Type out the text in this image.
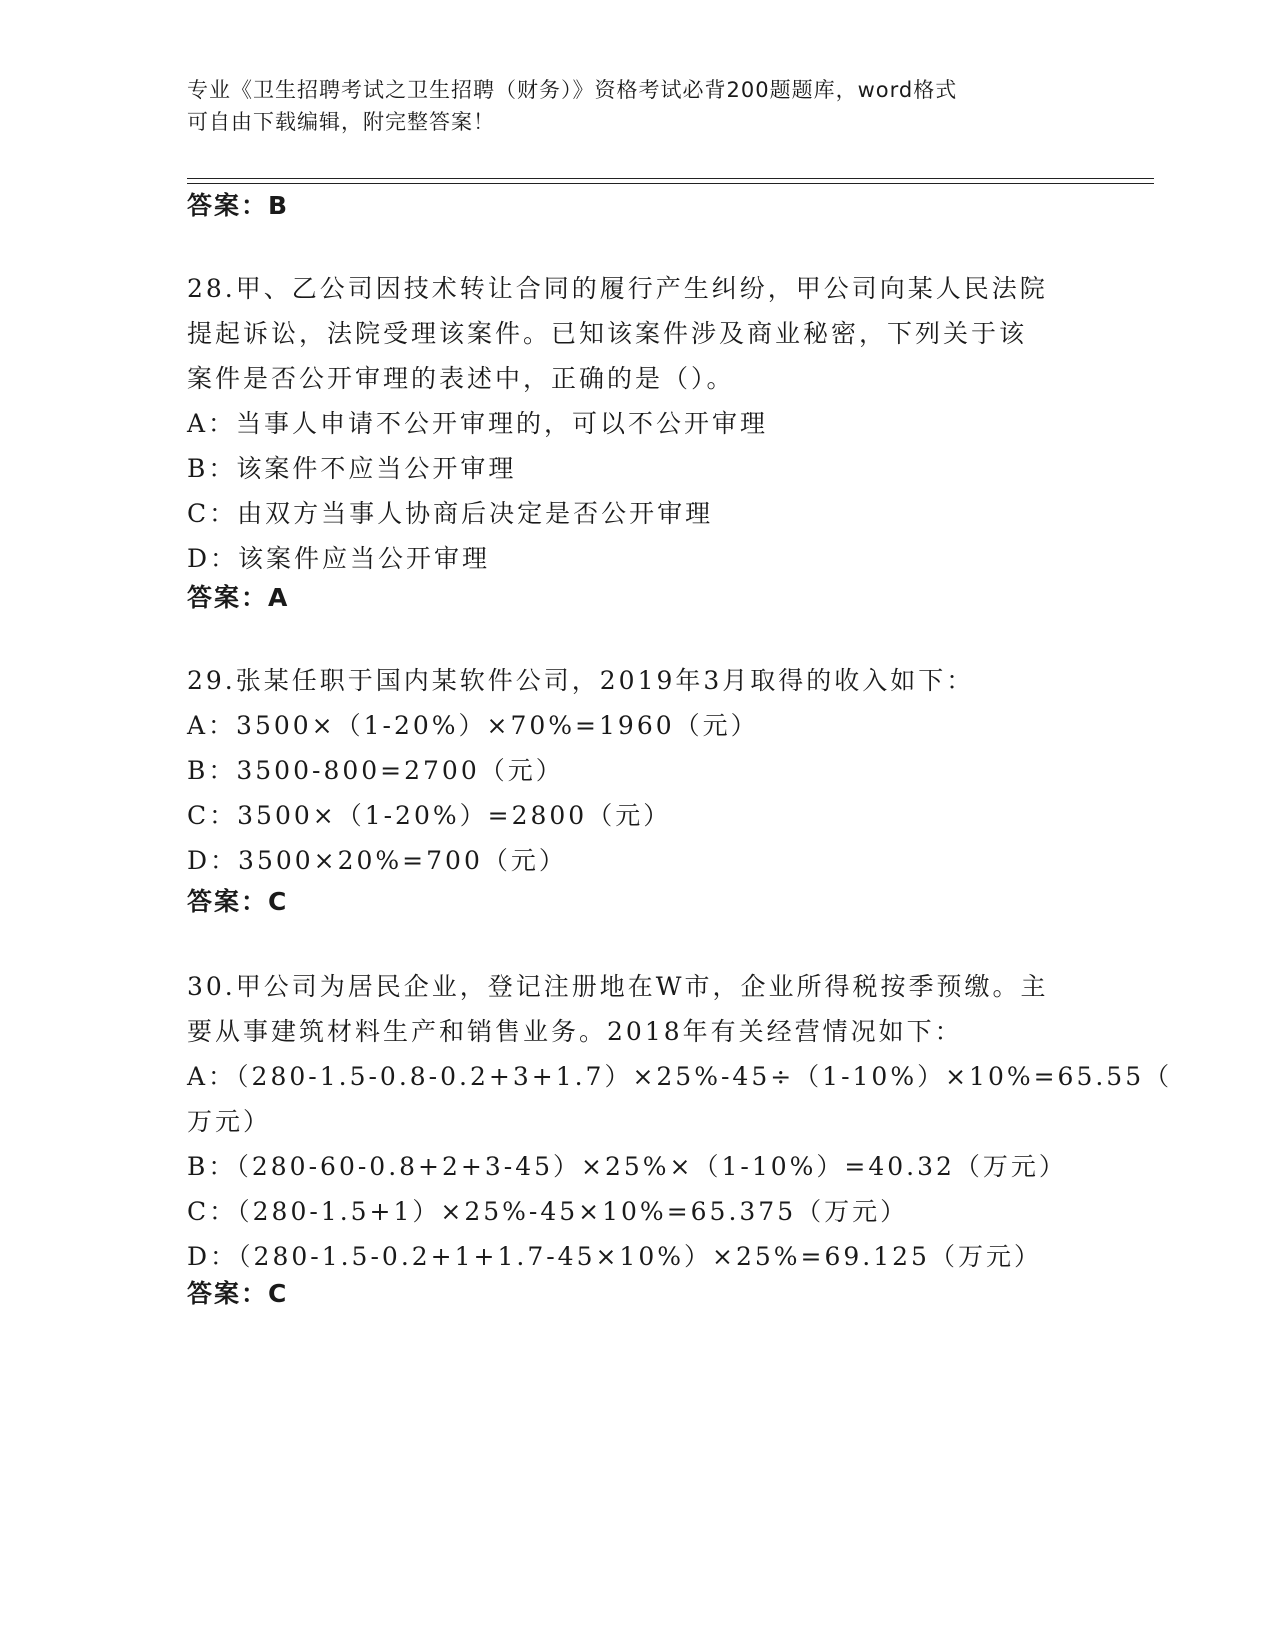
专业《卫生招聘考试之卫生招聘（财务）》资格考试必背200题题库，word格式
可自由下载编辑，附完整答案！
答案：B
28.甲、乙公司因技术转让合同的履行产生纠纷，甲公司向某人民法院
提起诉讼，法院受理该案件。已知该案件涉及商业秘密，下列关于该
案件是否公开审理的表述中，正确的是（）。
A：当事人申请不公开审理的，可以不公开审理
B：该案件不应当公开审理
C：由双方当事人协商后决定是否公开审理
D：该案件应当公开审理
答案：A
29.张某任职于国内某软件公司，2019年3月取得的收入如下：
A：3500×（1-20%）×70%=1960（元）
B：3500-800=2700（元）
C：3500×（1-20%）=2800（元）
D：3500×20%=700（元）
答案：C
30.甲公司为居民企业，登记注册地在W市，企业所得税按季预缴。主
要从事建筑材料生产和销售业务。2018年有关经营情况如下：
A：（280-1.5-0.8-0.2+3+1.7）×25%-45÷（1-10%）×10%=65.55（
万元）
B：（280-60-0.8+2+3-45）×25%×（1-10%）=40.32（万元）
C：（280-1.5+1）×25%-45×10%=65.375（万元）
D：（280-1.5-0.2+1+1.7-45×10%）×25%=69.125（万元）
答案：C
